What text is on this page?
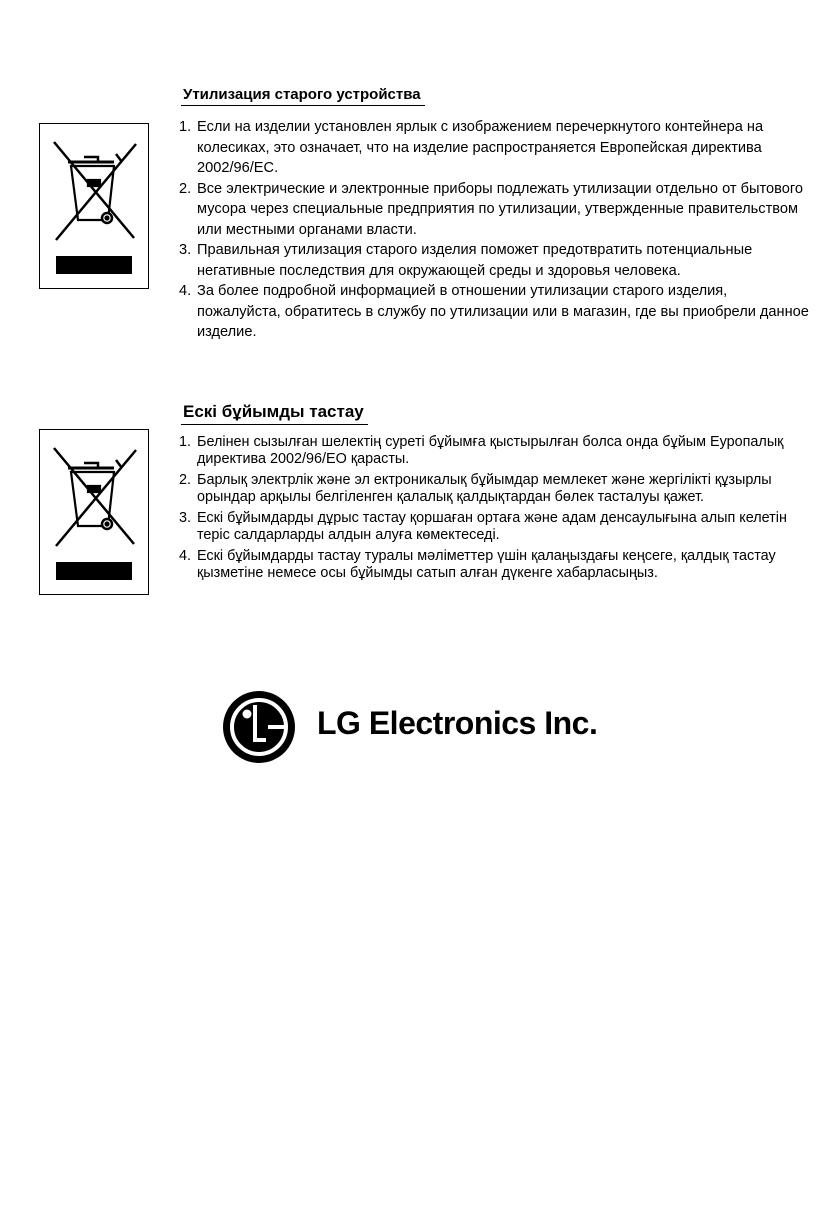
Утилизация старого устройства
1. Если на изделии установлен ярлык с изображением перечеркнутого контейнера на колесиках, это означает, что на изделие распространяется Европейская директива 2002/96/EC.
2. Все электрические и электронные приборы подлежать утилизации отдельно от бытового мусора через специальные предприятия по утилизации, утвержденные правительством или местными органами власти.
3. Правильная утилизация старого изделия поможет предотвратить потенциальные негативные последствия для окружающей среды и здоровья человека.
4. За более подробной информацией в отношении утилизации старого изделия, пожалуйста, обратитесь в службу по утилизации или в магазин, где вы приобрели данное изделие.
Ескі бұйымды тастау
1. Белінен сызылған шелектің суреті бұйымға қыстырылған болса онда бұйым Еуропалық директива 2002/96/EO қарасты.
2. Барлық электрлік және эл ектроникалық бұйымдар мемлекет және жергілікті құзырлы орындар арқылы белгіленген қалалық қалдықтардан бөлек тасталуы қажет.
3. Ескі бұйымдарды дұрыс тастау қоршаған ортаға және адам денсаулығына алып келетін теріс салдарларды алдын алуға көмектеседі.
4. Ескі бұйымдарды тастау туралы мәліметтер үшін қалаңыздағы кеңсеге, қалдық тастау қызметіне немесе осы бұйымды сатып алған дүкенге хабарласыңыз.
LG Electronics Inc.
